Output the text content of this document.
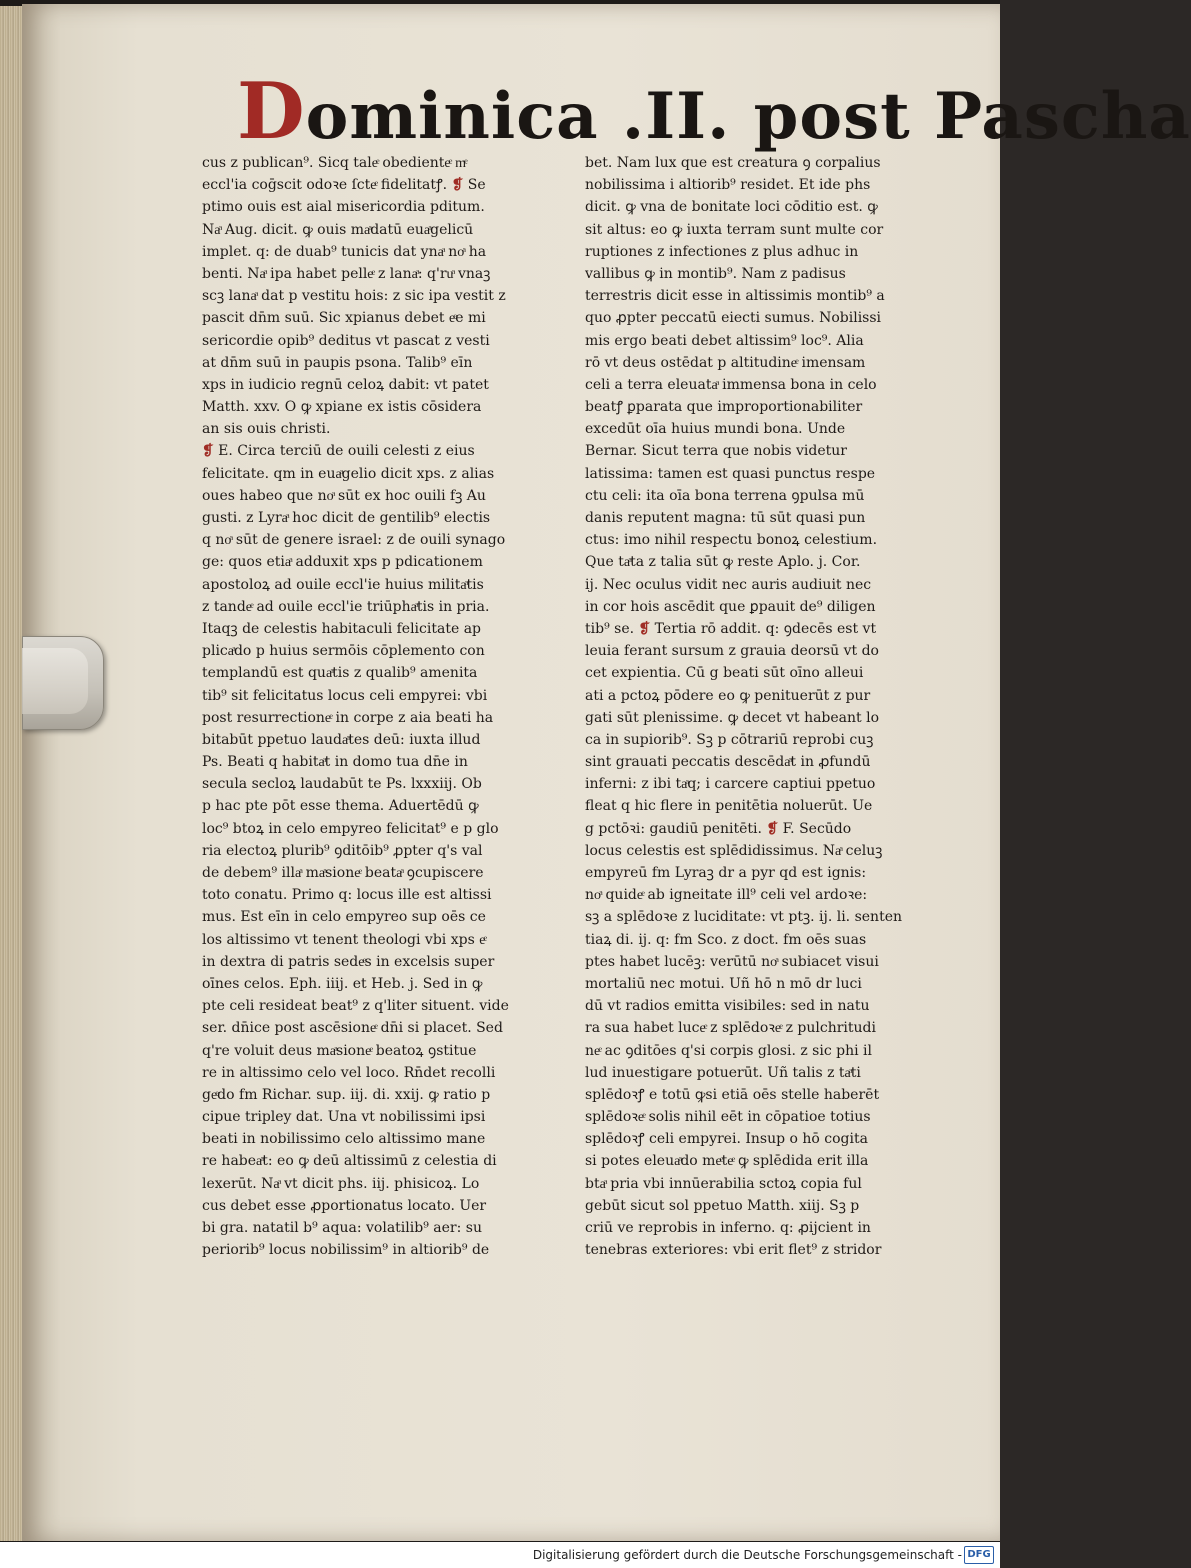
Dominica .II. post Pascha
cus z publican⁹. Sicq taleͤ obedienteͤ mͤ
eccl'ia coḡscit odoꝛe ſcteͤ fidelitatꝭ. ❡ Se
ptimo ouis est aial misericordia pditum.
Naͣ Aug. dicit. ꝙ ouis maͣdatū euaͣgelicū
implet. q: de duab⁹ tunicis dat ynaͣ noͣ ha
benti. Naͣ ipa habet pelleͤ z lanaͣ: q'ruͣ vnaꝫ
scꝫ lanaͣ dat p vestitu hois: z sic ipa vestit z
pascit dn̄m suū. Sic xpianus debet eͤe mi
sericordie opib⁹ deditus vt pascat z vesti
at dn̄m suū in paupis psona. Talib⁹ eīn
xps in iudicio regnū celoꝝ dabit: vt patet
Matth. xxv. O ꝙ xpiane ex istis cōsidera
an sis ouis christi.
❡ E. Circa terciū de ouili celesti z eius
felicitate. qm in euaͣgelio dicit xps. z alias
oues habeo que noͣ sūt ex hoc ouili fꝫ Au
gusti. z Lyraͣ hoc dicit de gentilib⁹ electis
q noͣ sūt de genere israel: z de ouili synago
ge: quos etiaͣ adduxit xps p pdicationem
apostoloꝝ ad ouile eccl'ie huius militaͣtis
z tandeͤ ad ouile eccl'ie triūphaͣtis in pria.
Itaqꝫ de celestis habitaculi felicitate ap
plicaͣdo p huius sermōis cōplemento con
templandū est quaͣtis z qualib⁹ amenita
tib⁹ sit felicitatus locus celi empyrei: vbi
post resurrectioneͤ in corpe z aia beati ha
bitabūt ppetuo laudaͣtes deū: iuxta illud
Ps. Beati q habitaͣt in domo tua dn̄e in
secula secloꝝ laudabūt te Ps. lxxxiij. Ob
p hac pte pōt esse thema. Aduertēdū ꝙ
loc⁹ btoꝝ in celo empyreo felicitat⁹ e p glo
ria electoꝝ plurib⁹ ꝯditōib⁹ ꝓpter q's val
de debem⁹ illaͣ maͣsioneͤ beataͣ ꝯcupiscere
toto conatu. Primo q: locus ille est altissi
mus. Est eīn in celo empyreo sup oēs ce
los altissimo vt tenent theologi vbi xps eͤ
in dextra di patris sedeͤs in excelsis super
oīnes celos. Eph. iiij. et Heb. j. Sed in ꝙ
pte celi resideat beat⁹ z q'liter situent. vide
ser. dn̄ice post ascēsioneͤ dn̄i si placet. Sed
q're voluit deus maͣsioneͤ beatoꝝ ꝯstitue
re in altissimo celo vel loco. Rn̄det recolli
geͤdo fm Richar. sup. iij. di. xxij. ꝙ ratio p
cipue tripley dat. Una vt nobilissimi ipsi
beati in nobilissimo celo altissimo mane
re habeaͣt: eo ꝙ deū altissimū z celestia di
lexerūt. Naͣ vt dicit phs. iij. phisicoꝝ. Lo
cus debet esse ꝓportionatus locato. Uer
bi gra. natatil b⁹ aqua: volatilib⁹ aer: su
periorib⁹ locus nobilissim⁹ in altiorib⁹ de
bet. Nam lux que est creatura ꝯ corpalius
nobilissima i altiorib⁹ residet. Et ide phs
dicit. ꝙ vna de bonitate loci cōditio est. ꝙ
sit altus: eo ꝙ iuxta terram sunt multe cor
ruptiones z infectiones z plus adhuc in
vallibus ꝙ in montib⁹. Nam z padisus
terrestris dicit esse in altissimis montib⁹ a
quo ꝓpter peccatū eiecti sumus. Nobilissi
mis ergo beati debet altissim⁹ loc⁹. Alia
rō vt deus ostēdat p altitudineͤ imensam
celi a terra eleuataͣ immensa bona in celo
beatꝭ ꝑparata que improportionabiliter
excedūt oīa huius mundi bona. Unde
Bernar. Sicut terra que nobis videtur
latissima: tamen est quasi punctus respe
ctu celi: ita oīa bona terrena ꝯpulsa mū
danis reputent magna: tū sūt quasi pun
ctus: imo nihil respectu bonoꝝ celestium.
Que taͣta z talia sūt ꝙ reste Aplo. j. Cor.
ij. Nec oculus vidit nec auris audiuit nec
in cor hois ascēdit que ꝑpauit de⁹ diligen
tib⁹ se. ❡ Tertia rō addit. q: ꝯdecēs est vt
leuia ferant sursum z grauia deorsū vt do
cet expientia. Cū g beati sūt oīno alleui
ati a pctoꝝ pōdere eo ꝙ penituerūt z pur
gati sūt plenissime. ꝙ decet vt habeant lo
ca in supiorib⁹. Sꝫ p cōtrariū reprobi cuꝫ
sint grauati peccatis descēdaͣt in ꝓfundū
inferni: z ibi taͣq; i carcere captiui ppetuo
fleat q hic flere in penitētia noluerūt. Ue
g pctōꝛi: gaudiū penitēti. ❡ F. Secūdo
locus celestis est splēdidissimus. Naͣ celuꝫ
empyreū fm Lyraꝫ dr a pyr qd est ignis:
noͣ quideͤ ab igneitate ill⁹ celi vel ardoꝛe:
sꝫ a splēdoꝛe z luciditate: vt ptꝫ. ij. li. senten
tiaꝝ di. ij. q: fm Sco. z doct. fm oēs suas
ptes habet lucēꝫ: verūtū noͣ subiacet visui
mortaliū nec motui. Uñ hō n mō dr luci
dū vt radios emitta visibiles: sed in natu
ra sua habet luceͤ z splēdoꝛeͤ z pulchritudi
neͤ ac ꝯditōes q'si corpis glosi. z sic phi il
lud inuestigare potuerūt. Uñ talis z taͣti
splēdoꝛꝭ e totū ꝙsi etiā oēs stelle haberēt
splēdoꝛeͤ solis nihil eēt in cōpatioe totius
splēdoꝛꝭ celi empyrei. Insup o hō cogita
si potes eleuaͣdo meͤteͤ ꝙ splēdida erit illa
btaͣ pria vbi innūerabilia sctoꝝ copia ful
gebūt sicut sol ppetuo Matth. xiij. Sꝫ p
criū ve reprobis in inferno. q: ꝓijcient in
tenebras exteriores: vbi erit flet⁹ z stridor
Digitalisierung gefördert durch die Deutsche Forschungsgemeinschaft - DFG
